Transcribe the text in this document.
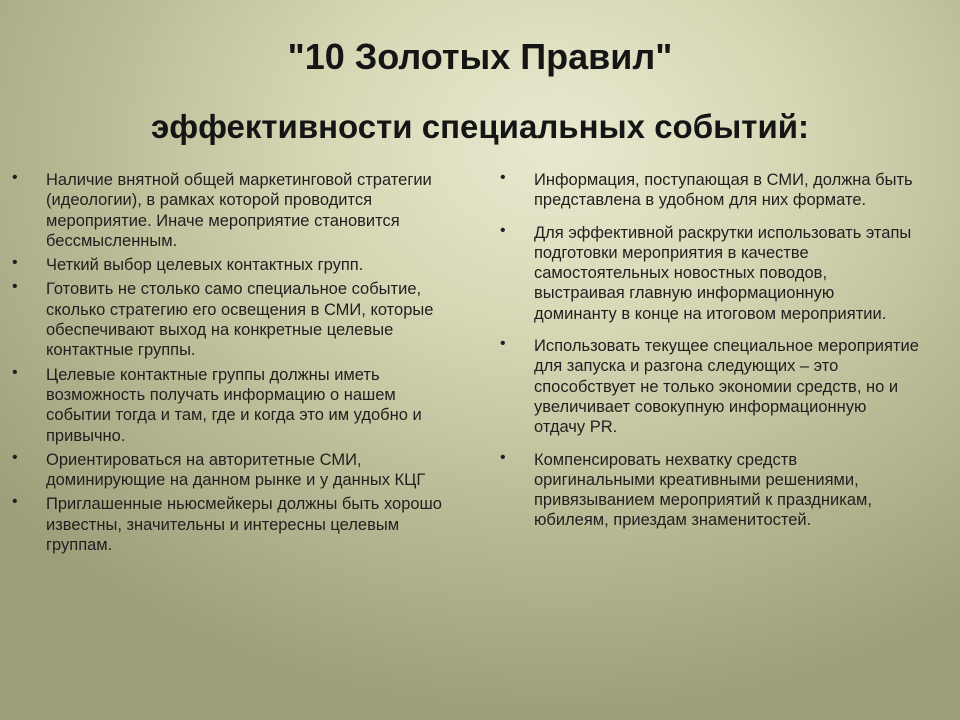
"10 Золотых Правил"
эффективности специальных событий:
• Наличие внятной общей маркетинговой стратегии (идеологии), в рамках которой проводится мероприятие. Иначе мероприятие становится бессмысленным.
• Четкий выбор целевых контактных групп.
• Готовить не столько само специальное событие, сколько стратегию его освещения в СМИ, которые обеспечивают выход на конкретные целевые контактные группы.
• Целевые контактные группы должны иметь возможность получать информацию о нашем событии тогда и там, где и когда это им удобно и привычно.
• Ориентироваться на авторитетные СМИ, доминирующие на данном рынке и у данных КЦГ
• Приглашенные ньюсмейкеры должны быть хорошо известны, значительны и интересны целевым группам.
• Информация, поступающая в СМИ, должна быть представлена в удобном для них формате.
• Для эффективной раскрутки использовать этапы подготовки мероприятия в качестве самостоятельных новостных поводов, выстраивая главную информационную доминанту в конце на итоговом мероприятии.
• Использовать текущее специальное мероприятие для запуска и разгона следующих – это способствует не только экономии средств, но и увеличивает совокупную информационную отдачу PR.
• Компенсировать нехватку средств оригинальными креативными решениями, привязыванием мероприятий к праздникам, юбилеям, приездам знаменитостей.
